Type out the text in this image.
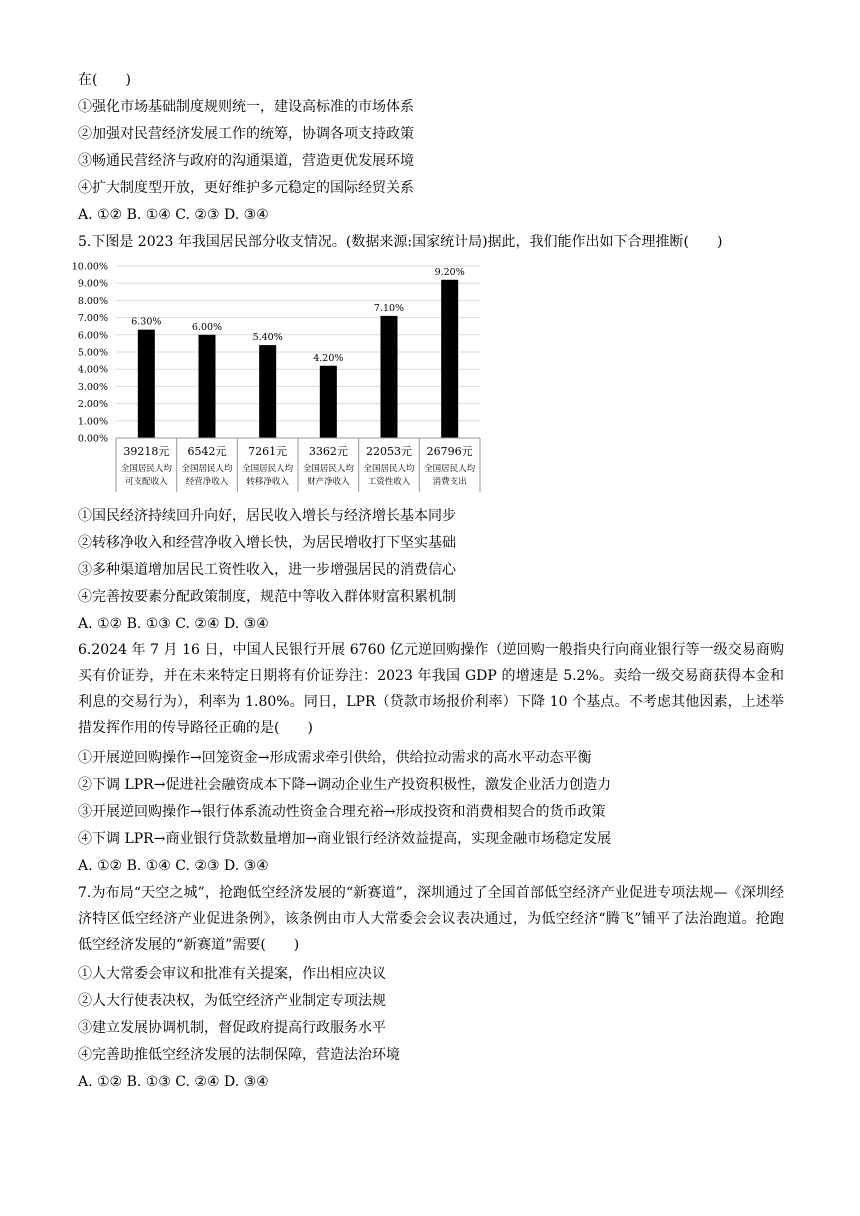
在(　　)
①强化市场基础制度规则统一，建设高标准的市场体系
②加强对民营经济发展工作的统筹，协调各项支持政策
③畅通民营经济与政府的沟通渠道，营造更优发展环境
④扩大制度型开放，更好维护多元稳定的国际经贸关系
A. ①② B. ①④ C. ②③ D. ③④
5.下图是 2023 年我国居民部分收支情况。(数据来源:国家统计局)据此，我们能作出如下合理推断(　　)
0.00%
1.00%
2.00%
3.00%
4.00%
5.00%
6.00%
7.00%
8.00%
9.00%
10.00%
6.30%	6.00%
5.40%
4.20%
7.10%
9.20%
39218元
全国居民人均
可支配收入
6542元
全国居民人均
经营净收入
7261元
全国居民人均
转移净收入
3362元
全国居民人均
财产净收入
22053元
全国居民人均
工资性收入
26796元
全国居民人均
消费支出
①国民经济持续回升向好，居民收入增长与经济增长基本同步
②转移净收入和经营净收入增长快，为居民增收打下坚实基础
③多种渠道增加居民工资性收入，进一步增强居民的消费信心
④完善按要素分配政策制度，规范中等收入群体财富积累机制
A. ①② B. ①③ C. ②④ D. ③④
6.2024 年 7 月 16 日，中国人民银行开展 6760 亿元逆回购操作（逆回购一般指央行向商业银行等一级交易商购买有价证券，并在未来特定日期将有价证券注：2023 年我国 GDP 的增速是 5.2%。卖给一级交易商获得本金和利息的交易行为），利率为 1.80%。同日，LPR（贷款市场报价利率）下降 10 个基点。不考虑其他因素，上述举措发挥作用的传导路径正确的是(　　)
①开展逆回购操作→回笼资金→形成需求牵引供给，供给拉动需求的高水平动态平衡
②下调 LPR→促进社会融资成本下降→调动企业生产投资积极性，激发企业活力创造力
③开展逆回购操作→银行体系流动性资金合理充裕→形成投资和消费相契合的货币政策
④下调 LPR→商业银行贷款数量增加→商业银行经济效益提高，实现金融市场稳定发展
A. ①② B. ①④ C. ②③ D. ③④
7.为布局“天空之城”，抢跑低空经济发展的“新赛道”，深圳通过了全国首部低空经济产业促进专项法规—《深圳经济特区低空经济产业促进条例》，该条例由市人大常委会会议表决通过，为低空经济“腾飞”铺平了法治跑道。抢跑低空经济发展的“新赛道”需要(　　)
①人大常委会审议和批准有关提案，作出相应决议
②人大行使表决权，为低空经济产业制定专项法规
③建立发展协调机制，督促政府提高行政服务水平
④完善助推低空经济发展的法制保障，营造法治环境
A. ①② B. ①③ C. ②④ D. ③④
